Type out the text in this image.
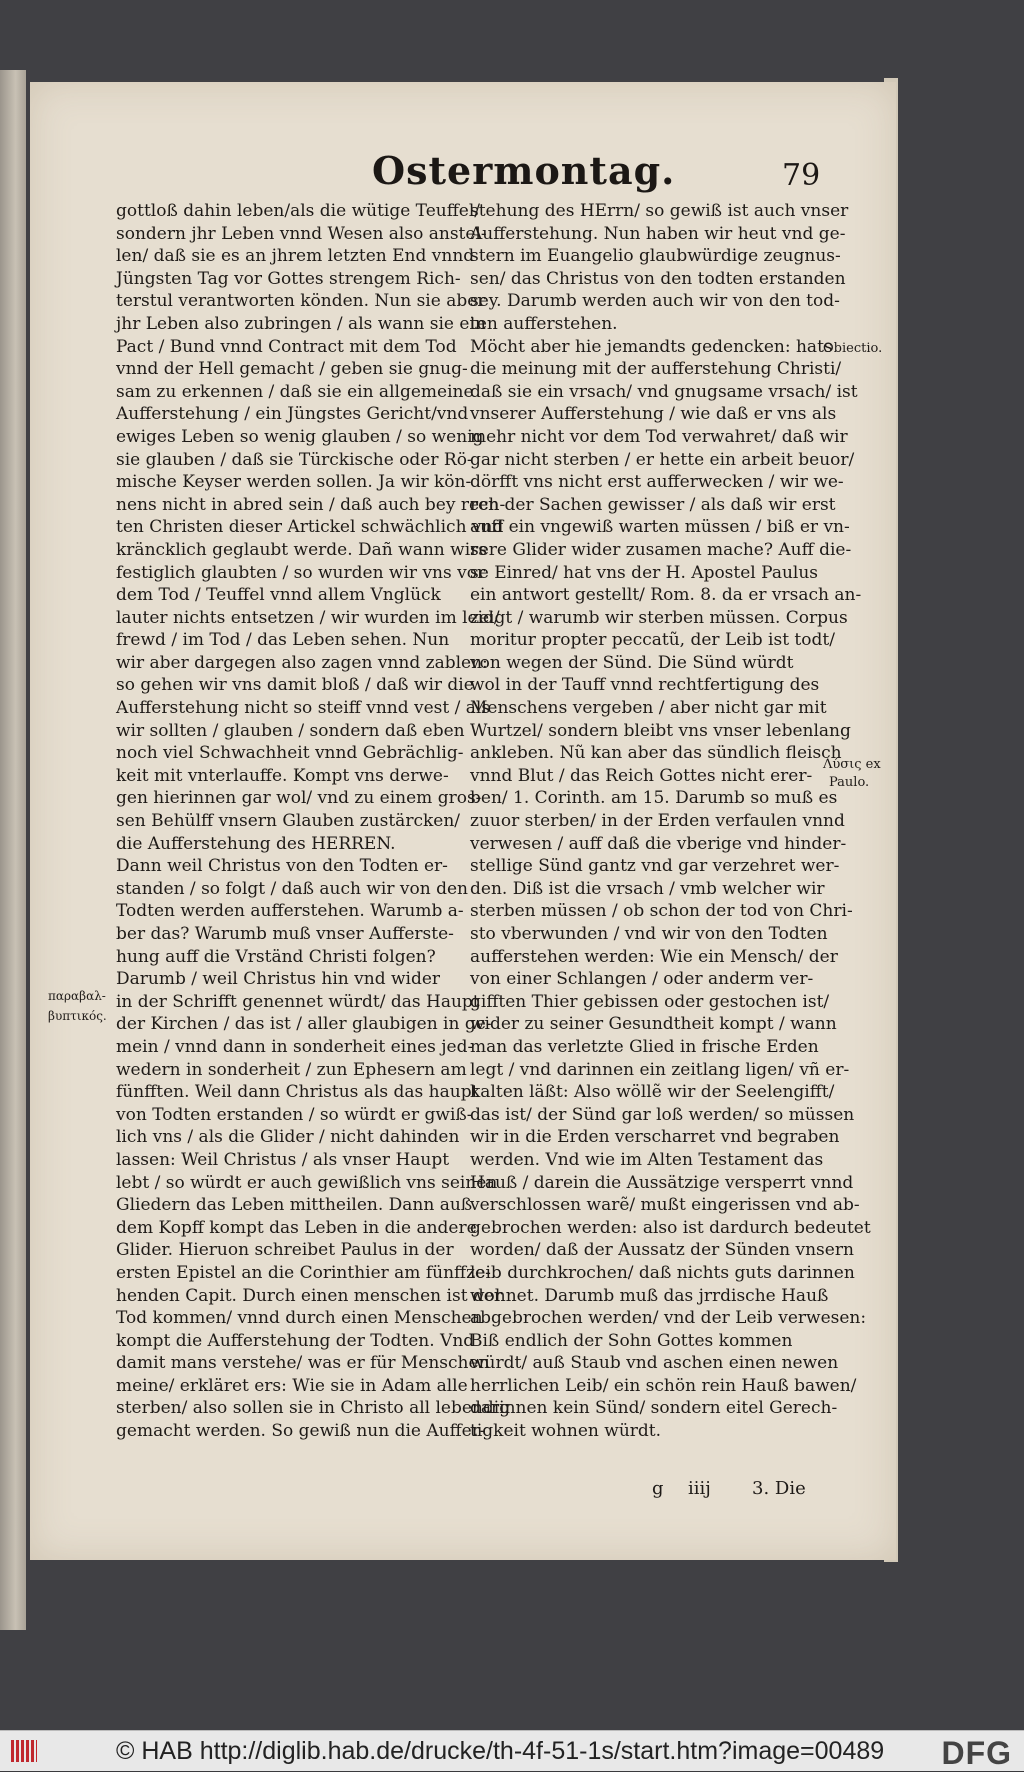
Ostermontag.	79
gottloß dahin leben/als die wütige Teuffel/
sondern jhr Leben vnnd Wesen also anstel-
len/ daß sie es an jhrem letzten End vnnd
Jüngsten Tag vor Gottes strengem Rich-
terstul verantworten könden. Nun sie aber
jhr Leben also zubringen / als wann sie ein
Pact / Bund vnnd Contract mit dem Tod
vnnd der Hell gemacht / geben sie gnug-
sam zu erkennen / daß sie ein allgemeine
Aufferstehung / ein Jüngstes Gericht/vnd
ewiges Leben so wenig glauben / so wenig
sie glauben / daß sie Türckische oder Rö-
mische Keyser werden sollen. Ja wir kön-
nens nicht in abred sein / daß auch bey rech-
ten Christen dieser Artickel schwächlich vnd
kräncklich geglaubt werde. Dañ wann wirs
festiglich glaubten / so wurden wir vns vor
dem Tod / Teuffel vnnd allem Vnglück
lauter nichts entsetzen / wir wurden im leid/
frewd / im Tod / das Leben sehen. Nun
wir aber dargegen also zagen vnnd zablen:
so gehen wir vns damit bloß / daß wir die
Aufferstehung nicht so steiff vnnd vest / als
wir sollten / glauben / sondern daß eben
noch viel Schwachheit vnnd Gebrächlig-
keit mit vnterlauffe. Kompt vns derwe-
gen hierinnen gar wol/ vnd zu einem gros-
sen Behülff vnsern Glauben zustärcken/
die Aufferstehung des HERREN.
Dann weil Christus von den Todten er-
standen / so folgt / daß auch wir von den
Todten werden aufferstehen. Warumb a-
ber das? Warumb muß vnser Aufferste-
hung auff die Vrständ Christi folgen?
Darumb / weil Christus hin vnd wider
in der Schrifft genennet würdt/ das Haupt
der Kirchen / das ist / aller glaubigen in ge-
mein / vnnd dann in sonderheit eines jed-
wedern in sonderheit / zun Ephesern am
fünfften. Weil dann Christus als das haupt
von Todten erstanden / so würdt er gwiß-
lich vns / als die Glider / nicht dahinden
lassen: Weil Christus / als vnser Haupt
lebt / so würdt er auch gewißlich vns seinen
Gliedern das Leben mittheilen. Dann auß
dem Kopff kompt das Leben in die andere
Glider. Hieruon schreibet Paulus in der
ersten Epistel an die Corinthier am fünffze-
henden Capit. Durch einen menschen ist der
Tod kommen/ vnnd durch einen Menschen
kompt die Aufferstehung der Todten. Vnd
damit mans verstehe/ was er für Menschen
meine/ erkläret ers: Wie sie in Adam alle
sterben/ also sollen sie in Christo all lebendig
gemacht werden. So gewiß nun die Auffer-
stehung des HErrn/ so gewiß ist auch vnser
Aufferstehung. Nun haben wir heut vnd ge-
stern im Euangelio glaubwürdige zeugnus-
sen/ das Christus von den todten erstanden
sey. Darumb werden auch wir von den tod-
ten aufferstehen.
Möcht aber hie jemandts gedencken: hats
die meinung mit der aufferstehung Christi/
daß sie ein vrsach/ vnd gnugsame vrsach/ ist
vnserer Aufferstehung / wie daß er vns als
mehr nicht vor dem Tod verwahret/ daß wir
gar nicht sterben / er hette ein arbeit beuor/
dörfft vns nicht erst aufferwecken / wir we-
ren der Sachen gewisser / als daß wir erst
auff ein vngewiß warten müssen / biß er vn-
sere Glider wider zusamen mache? Auff die-
se Einred/ hat vns der H. Apostel Paulus
ein antwort gestellt/ Rom. 8. da er vrsach an-
zeigt / warumb wir sterben müssen. Corpus
moritur propter peccatũ, der Leib ist todt/
von wegen der Sünd. Die Sünd würdt
wol in der Tauff vnnd rechtfertigung des
Menschens vergeben / aber nicht gar mit
Wurtzel/ sondern bleibt vns vnser lebenlang
ankleben. Nũ kan aber das sündlich fleisch
vnnd Blut / das Reich Gottes nicht erer-
ben/ 1. Corinth. am 15. Darumb so muß es
zuuor sterben/ in der Erden verfaulen vnnd
verwesen / auff daß die vberige vnd hinder-
stellige Sünd gantz vnd gar verzehret wer-
den. Diß ist die vrsach / vmb welcher wir
sterben müssen / ob schon der tod von Chri-
sto vberwunden / vnd wir von den Todten
aufferstehen werden: Wie ein Mensch/ der
von einer Schlangen / oder anderm ver-
gifften Thier gebissen oder gestochen ist/
wider zu seiner Gesundtheit kompt / wann
man das verletzte Glied in frische Erden
legt / vnd darinnen ein zeitlang ligen/ vñ er-
kalten läßt: Also wöllẽ wir der Seelengifft/
das ist/ der Sünd gar loß werden/ so müssen
wir in die Erden verscharret vnd begraben
werden. Vnd wie im Alten Testament das
Hauß / darein die Aussätzige versperrt vnnd
verschlossen warẽ/ mußt eingerissen vnd ab-
gebrochen werden: also ist dardurch bedeutet
worden/ daß der Aussatz der Sünden vnsern
leib durchkrochen/ daß nichts guts darinnen
wohnet. Darumb muß das jrrdische Hauß
abgebrochen werden/ vnd der Leib verwesen:
Biß endlich der Sohn Gottes kommen
würdt/ auß Staub vnd aschen einen newen
herrlichen Leib/ ein schön rein Hauß bawen/
darinnen kein Sünd/ sondern eitel Gerech-
tigkeit wohnen würdt.
Obiectio.
Λύσις ex
Paulo.
παραβαλ-
βυπτικός.
g iiij 3. Die
© HAB http://diglib.hab.de/drucke/th-4f-51-1s/start.htm?image=00489 DFG
